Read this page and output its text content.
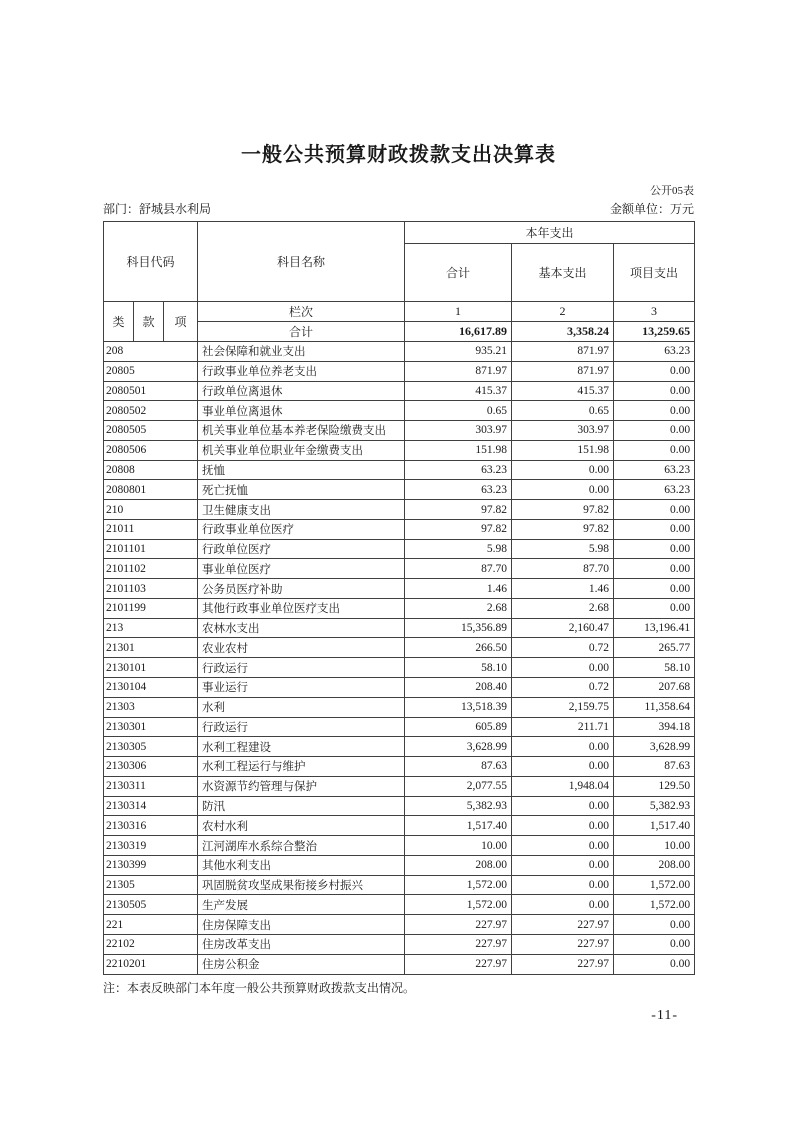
一般公共预算财政拨款支出决算表
公开05表
部门：舒城县水利局	金额单位：万元
科目代码			科目名称	本年支出		
				合计	基本支出	项目支出
类	款	项	栏次	1	2	3
			合计	16,617.89	3,358.24	13,259.65
208			社会保障和就业支出	935.21	871.97	63.23
20805			行政事业单位养老支出	871.97	871.97	0.00
2080501			行政单位离退休	415.37	415.37	0.00
2080502			事业单位离退休	0.65	0.65	0.00
2080505			机关事业单位基本养老保险缴费支出	303.97	303.97	0.00
2080506			机关事业单位职业年金缴费支出	151.98	151.98	0.00
20808			抚恤	63.23	0.00	63.23
2080801			死亡抚恤	63.23	0.00	63.23
210			卫生健康支出	97.82	97.82	0.00
21011			行政事业单位医疗	97.82	97.82	0.00
2101101			行政单位医疗	5.98	5.98	0.00
2101102			事业单位医疗	87.70	87.70	0.00
2101103			公务员医疗补助	1.46	1.46	0.00
2101199			其他行政事业单位医疗支出	2.68	2.68	0.00
213			农林水支出	15,356.89	2,160.47	13,196.41
21301			农业农村	266.50	0.72	265.77
2130101			行政运行	58.10	0.00	58.10
2130104			事业运行	208.40	0.72	207.68
21303			水利	13,518.39	2,159.75	11,358.64
2130301			行政运行	605.89	211.71	394.18
2130305			水利工程建设	3,628.99	0.00	3,628.99
2130306			水利工程运行与维护	87.63	0.00	87.63
2130311			水资源节约管理与保护	2,077.55	1,948.04	129.50
2130314			防汛	5,382.93	0.00	5,382.93
2130316			农村水利	1,517.40	0.00	1,517.40
2130319			江河湖库水系综合整治	10.00	0.00	10.00
2130399			其他水利支出	208.00	0.00	208.00
21305			巩固脱贫攻坚成果衔接乡村振兴	1,572.00	0.00	1,572.00
2130505			生产发展	1,572.00	0.00	1,572.00
221			住房保障支出	227.97	227.97	0.00
22102			住房改革支出	227.97	227.97	0.00
2210201			住房公积金	227.97	227.97	0.00
注：本表反映部门本年度一般公共预算财政拨款支出情况。
-11-
